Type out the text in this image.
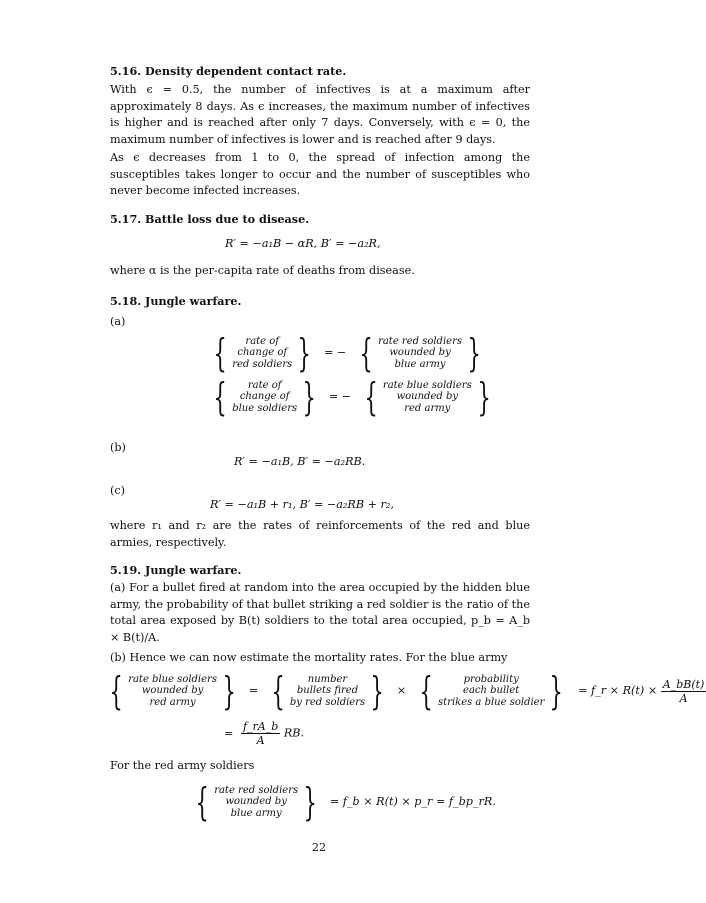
5.16. Density dependent contact rate.

With ϵ = 0.5, the number of infectives is at a maximum after approximately 8 days. As ϵ increases, the maximum number of infectives is higher and is reached after only 7 days. Conversely, with ϵ = 0, the maximum number of infectives is lower and is reached after 9 days.

As ϵ decreases from 1 to 0, the spread of infection among the susceptibles takes longer to occur and the number of susceptibles who never become infected increases.

5.17. Battle loss due to disease.

R′ = −a₁B − αR, B′ = −a₂R,

where α is the per-capita rate of deaths from disease.

5.18. Jungle warfare.

(a)

{	rate of
change of
red soldiers } = − { rate red soldiers
wounded by
blue army }
{	rate of
change of
blue soldiers } = − { rate blue soldiers
wounded by
red army }

(b)

R′ = −a₁B, B′ = −a₂RB.

(c)

R′ = −a₁B + r₁, B′ = −a₂RB + r₂,

where r₁ and r₂ are the rates of reinforcements of the red and blue armies, respectively.

5.19. Jungle warfare.

(a) For a bullet fired at random into the area occupied by the hidden blue army, the probability of that bullet striking a red soldier is the ratio of the total area exposed by B(t) soldiers to the total area occupied, p_b = A_b × B(t)/A.

(b) Hence we can now estimate the mortality rates. For the blue army

{ rate blue soldiers
wounded by
red army } = {	number
bullets fired
by red soldiers } × {	probability
each bullet
strikes a blue soldier } = f_r × $R(t) \times \frac{A\_bB(t)}{A}$
= $\frac{f\_rA\_b}{A}$ RB.

For the red army soldiers

{ rate red soldiers
wounded by
blue army } = f_b × R(t) × p_r = f_bp_rR.
22
